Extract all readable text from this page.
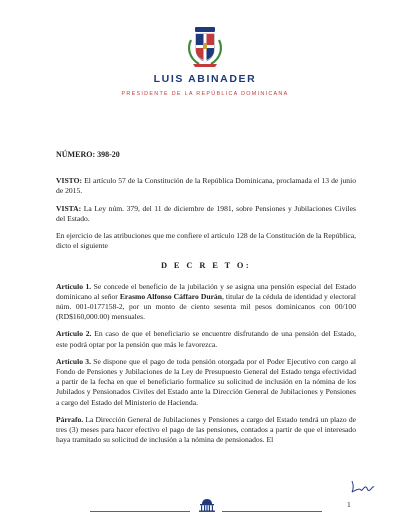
LUIS ABINADER
PRESIDENTE DE LA REPÚBLICA DOMINICANA

NÚMERO: 398-20

VISTO: El artículo 57 de la Constitución de la República Dominicana, proclamada el 13 de junio de 2015.

VISTA: La Ley núm. 379, del 11 de diciembre de 1981, sobre Pensiones y Jubilaciones Civiles del Estado.

En ejercicio de las atribuciones que me confiere el artículo 128 de la Constitución de la República, dicto el siguiente

D E C R E T O:

Artículo 1. Se concede el beneficio de la jubilación y se asigna una pensión especial del Estado dominicano al señor Erasmo Alfonso Cáffaro Durán, titular de la cédula de identidad y electoral núm. 001-0177158-2, por un monto de ciento sesenta mil pesos dominicanos con 00/100 (RD$160,000.00) mensuales.

Artículo 2. En caso de que el beneficiario se encuentre disfrutando de una pensión del Estado, este podrá optar por la pensión que más le favorezca.

Artículo 3. Se dispone que el pago de toda pensión otorgada por el Poder Ejecutivo con cargo al Fondo de Pensiones y Jubilaciones de la Ley de Presupuesto General del Estado tenga efectividad a partir de la fecha en que el beneficiario formalice su solicitud de inclusión en la nómina de los Jubilados y Pensionados Civiles del Estado ante la Dirección General de Jubilaciones y Pensiones a cargo del Estado del Ministerio de Hacienda.

Párrafo. La Dirección General de Jubilaciones y Pensiones a cargo del Estado tendrá un plazo de tres (3) meses para hacer efectivo el pago de las pensiones, contados a partir de que el interesado haya tramitado su solicitud de inclusión a la nómina de pensionados. El

1
